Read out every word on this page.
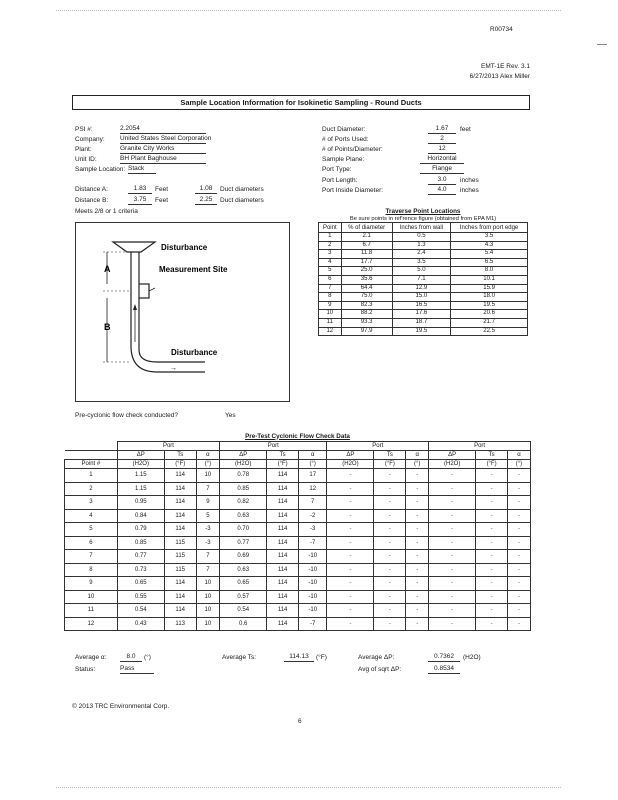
R00734
EMT-1E Rev. 3.1
6/27/2013 Alex Miller
Sample Location Information for Isokinetic Sampling - Round Ducts
PSI #:	2.2054
Company: United States Steel Corporation
Plant:	Granite City Works
Unit ID:	BH Plant Baghouse
Sample Location: Stack
Distance A:	1.83	Feet	1.08	Duct diameters
Distance B:	3.75	Feet	2.25	Duct diameters
Meets 2/8 or 1 criteria
Duct Diameter:	1.67	feet
# of Ports Used:	2
# of Points/Diameter:	12
Sample Plane:	Horizontal
Port Type:	Flange
Port Length:	3.0	inches
Port Inside Diameter:	4.0	inches
A
B
Disturbance
Measurement Site
Disturbance
→
Traverse Point Locations
Be sure points in ref'rence figure (obtained from EPA M1)
Point	% of diameter	Inches from wall	Inches from port edge
1	2.1	0.5	3.5
2	6.7	1.3	4.3
3	11.8	2.4	5.4
4	17.7	3.5	6.5
5	25.0	5.0	8.0
6	35.6	7.1	10.1
7	64.4	12.9	15.9
8	75.0	15.0	18.0
9	82.3	16.5	19.5
10	88.2	17.6	20.6
11	93.3	18.7	21.7
12	97.9	19.5	22.5
Pre-cyclonic flow check conducted?	Yes
Pre-Test Cyclonic Flow Check Data												
	Port			Port			Port			Port		
	ΔP	Ts	α	ΔP	Ts	α	ΔP	Ts	α	ΔP	Ts	α
Point #	(H2O)	(°F)	(°)	(H2O)	(°F)	(°)	(H2O)	(°F)	(°)	(H2O)	(°F)	(°)
1	1.15	114	10	0.78	114	17	-	-	-	-	-	-
2	1.15	114	7	0.85	114	12	-	-	-	-	-	-
3	0.95	114	9	0.82	114	7	-	-	-	-	-	-
4	0.84	114	5	0.63	114	-2	-	-	-	-	-	-
5	0.79	114	-3	0.70	114	-3	-	-	-	-	-	-
6	0.85	115	-3	0.77	114	-7	-	-	-	-	-	-
7	0.77	115	7	0.69	114	-10	-	-	-	-	-	-
8	0.73	115	7	0.63	114	-10	-	-	-	-	-	-
9	0.65	114	10	0.65	114	-10	-	-	-	-	-	-
10	0.55	114	10	0.57	114	-10	-	-	-	-	-	-
11	0.54	114	10	0.54	114	-10	-	-	-	-	-	-
12	0.43	113	10	0.6	114	-7	-	-	-	-	-	-
Average α:	8.0	(°)
Status:	Pass
Average Ts:	114.13	(°F)	Average ΔP:	0.7362	(H2O)
Avg of sqrt ΔP:	0.8534
© 2013 TRC Environmental Corp.
6
